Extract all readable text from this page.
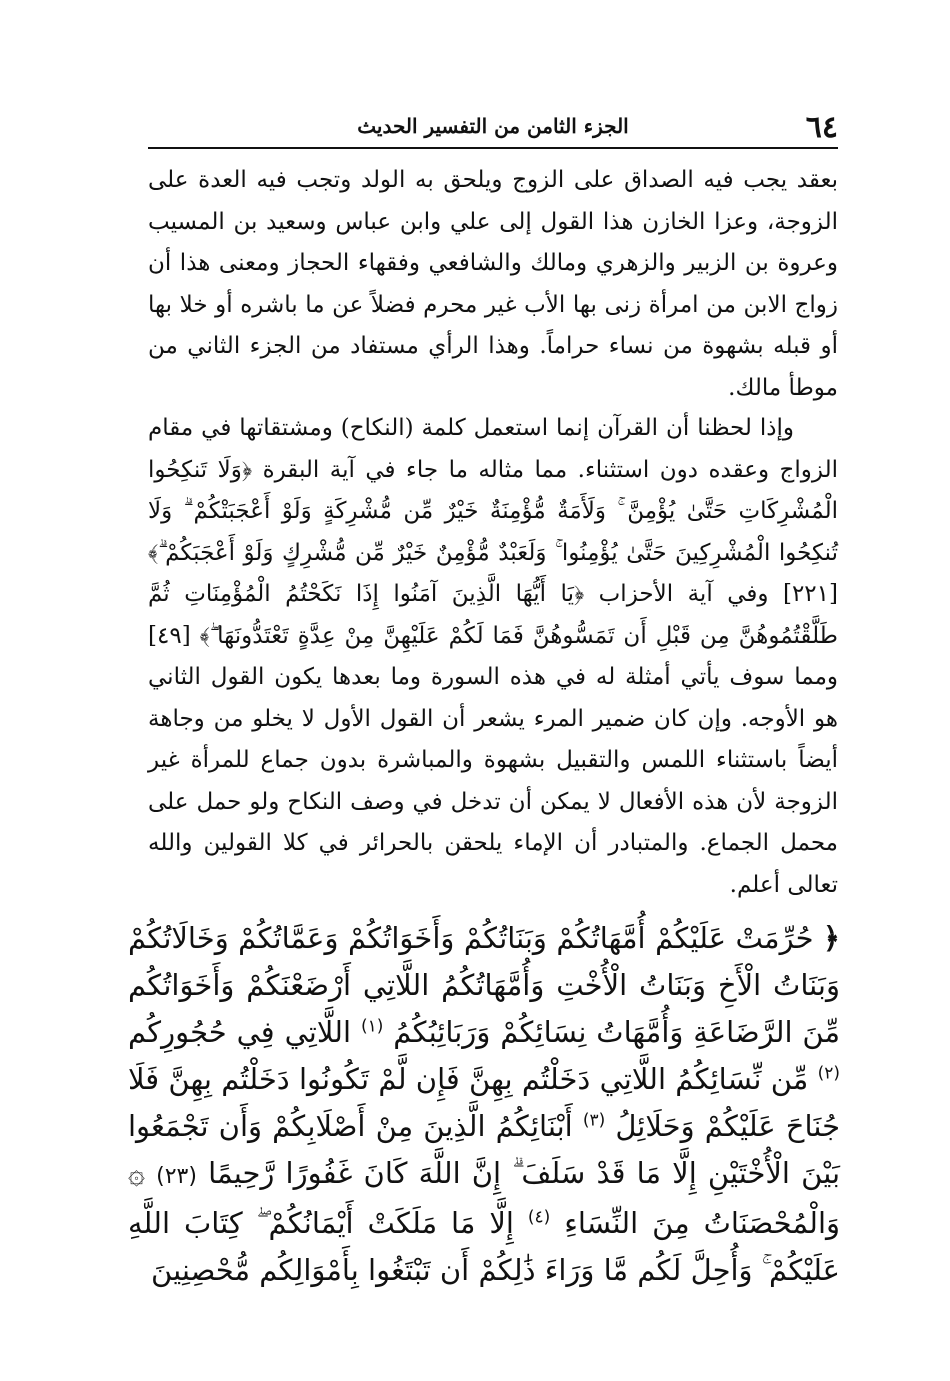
٦٤
الجزء الثامن من التفسير الحديث

بعقد يجب فيه الصداق على الزوج ويلحق به الولد وتجب فيه العدة على الزوجة، وعزا الخازن هذا القول إلى علي وابن عباس وسعيد بن المسيب وعروة بن الزبير والزهري ومالك والشافعي وفقهاء الحجاز ومعنى هذا أن زواج الابن من امرأة زنى بها الأب غير محرم فضلاً عن ما باشره أو خلا بها أو قبله بشهوة من نساء حراماً. وهذا الرأي مستفاد من الجزء الثاني من موطأ مالك.

وإذا لحظنا أن القرآن إنما استعمل كلمة (النكاح) ومشتقاتها في مقام الزواج وعقده دون استثناء. مما مثاله ما جاء في آية البقرة ﴿وَلَا تَنكِحُوا الْمُشْرِكَاتِ حَتَّىٰ يُؤْمِنَّ ۚ وَلَأَمَةٌ مُّؤْمِنَةٌ خَيْرٌ مِّن مُّشْرِكَةٍ وَلَوْ أَعْجَبَتْكُمْ ۗ وَلَا تُنكِحُوا الْمُشْرِكِينَ حَتَّىٰ يُؤْمِنُوا ۚ وَلَعَبْدٌ مُّؤْمِنٌ خَيْرٌ مِّن مُّشْرِكٍ وَلَوْ أَعْجَبَكُمْ ۗ﴾ [٢٢١] وفي آية الأحزاب ﴿يَا أَيُّهَا الَّذِينَ آمَنُوا إِذَا نَكَحْتُمُ الْمُؤْمِنَاتِ ثُمَّ طَلَّقْتُمُوهُنَّ مِن قَبْلِ أَن تَمَسُّوهُنَّ فَمَا لَكُمْ عَلَيْهِنَّ مِنْ عِدَّةٍ تَعْتَدُّونَهَا ۖ﴾ [٤٩] ومما سوف يأتي أمثلة له في هذه السورة وما بعدها يكون القول الثاني هو الأوجه. وإن كان ضمير المرء يشعر أن القول الأول لا يخلو من وجاهة أيضاً باستثناء اللمس والتقبيل بشهوة والمباشرة بدون جماع للمرأة غير الزوجة لأن هذه الأفعال لا يمكن أن تدخل في وصف النكاح ولو حمل على محمل الجماع. والمتبادر أن الإماء يلحقن بالحرائر في كلا القولين والله تعالى أعلم.

﴿ حُرِّمَتْ عَلَيْكُمْ أُمَّهَاتُكُمْ وَبَنَاتُكُمْ وَأَخَوَاتُكُمْ وَعَمَّاتُكُمْ وَخَالَاتُكُمْ وَبَنَاتُ الْأَخِ وَبَنَاتُ الْأُخْتِ وَأُمَّهَاتُكُمُ اللَّاتِي أَرْضَعْنَكُمْ وَأَخَوَاتُكُم مِّنَ الرَّضَاعَةِ وَأُمَّهَاتُ نِسَائِكُمْ وَرَبَائِبُكُمُ $^{(١)}$ اللَّاتِي فِي حُجُورِكُم $^{(٢)}$ مِّن نِّسَائِكُمُ اللَّاتِي دَخَلْتُم بِهِنَّ فَإِن لَّمْ تَكُونُوا دَخَلْتُم بِهِنَّ فَلَا جُنَاحَ عَلَيْكُمْ وَحَلَائِلُ $^{(٣)}$ أَبْنَائِكُمُ الَّذِينَ مِنْ أَصْلَابِكُمْ وَأَن تَجْمَعُوا بَيْنَ الْأُخْتَيْنِ إِلَّا مَا قَدْ سَلَفَ ۗ إِنَّ اللَّهَ كَانَ غَفُورًا رَّحِيمًا (٢٣) ۞ وَالْمُحْصَنَاتُ مِنَ النِّسَاءِ $^{(٤)}$ إِلَّا مَا مَلَكَتْ أَيْمَانُكُمْ ۖ كِتَابَ اللَّهِ عَلَيْكُمْ ۚ وَأُحِلَّ لَكُم مَّا وَرَاءَ ذَٰلِكُمْ أَن تَبْتَغُوا بِأَمْوَالِكُم مُّحْصِنِينَ
